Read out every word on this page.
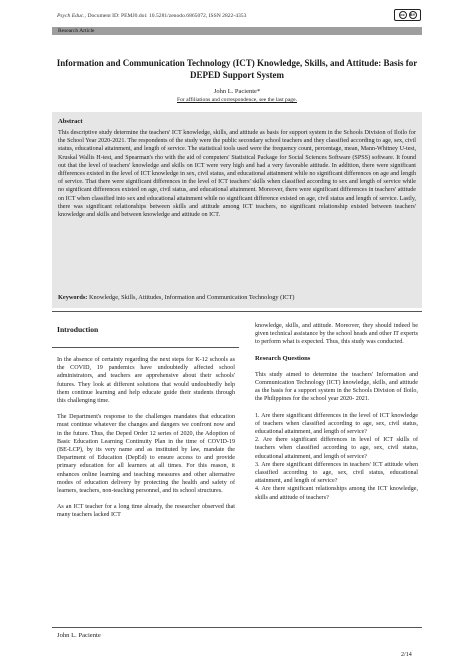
Psych Educ., Document ID: PEMJ0.doi: 10.5281/zenodo.6865072, ISSN 2822-4353	cc	BY
Research Article
Information and Communication Technology (ICT) Knowledge, Skills, and Attitude: Basis for DEPED Support System
John L. Paciente*
For affiliations and correspondence, see the last page.
Abstract

This descriptive study determine the teachers' ICT knowledge, skills, and attitude as basis for support system in the Schools Division of Iloilo for the School Year 2020-2021. The respondents of the study were the public secondary school teachers and they classified according to age, sex, civil status, educational attainment, and length of service. The statistical tools used were the frequency count, percentage, mean, Mann-Whitney U-test, Kruskal Wallis H-test, and Spearman's rho with the aid of computers' Statistical Package for Social Sciences Software (SPSS) software. It found out that the level of teachers' knowledge and skills on ICT were very high and had a very favorable attitude. In addition, there were significant differences existed in the level of ICT knowledge in sex, civil status, and educational attainment while no significant differences on age and length of service. That there were significant differences in the level of ICT teachers' skills when classified according to sex and length of service while no significant differences existed on age, civil status, and educational attainment. Moreover, there were significant differences in teachers' attitude on ICT when classified into sex and educational attainment while no significant difference existed on age, civil status and length of service. Lastly, there was significant relationships between skills and attitude among ICT teachers, no significant relationship existed between teachers' knowledge and skills and between knowledge and attitude on ICT.

Keywords: Knowledge, Skills, Attitudes, Information and Communication Technology (ICT)
Introduction

In the absence of certainty regarding the next steps for K-12 schools as the COVID, 19 pandemics have undoubtedly affected school administrators, and teachers are apprehensive about their schools' futures. They look at different solutions that would undoubtedly help them continue learning and help educate guide their students through this challenging time.

The Department's response to the challenges mandates that education must continue whatever the changes and dangers we confront now and in the future. Thus, the Deped Order 12 series of 2020, the Adoption of Basic Education Learning Continuity Plan in the time of COVID-19 (BE-LCP), by its very name and as instituted by law, mandate the Department of Education (DepEd) to ensure access to and provide primary education for all learners at all times. For this reason, it enhances online learning and teaching measures and other alternative modes of education delivery by protecting the health and safety of learners, teachers, non-teaching personnel, and its school structures.

As an ICT teacher for a long time already, the researcher observed that many teachers lacked ICT

knowledge, skills, and attitude. Moreover, they should indeed be given technical assistance by the school heads and other IT experts to perform what is expected. Thus, this study was conducted.

Research Questions

This study aimed to determine the teachers' Information and Communication Technology (ICT) knowledge, skills, and attitude as the basis for a support system in the Schools Division of Iloilo, the Philippines for the school year 2020- 2021.

1. Are there significant differences in the level of ICT knowledge of teachers when classified according to age, sex, civil status, educational attainment, and length of service?

2. Are there significant differences in level of ICT skills of teachers when classified according to age, sex, civil status, educational attainment, and length of service?

3. Are there significant differences in teachers' ICT attitude when classified according to age, sex, civil status, educational attainment, and length of service?

4. Are there significant relationships among the ICT knowledge, skills and attitude of teachers?

John L. Paciente
2/14
